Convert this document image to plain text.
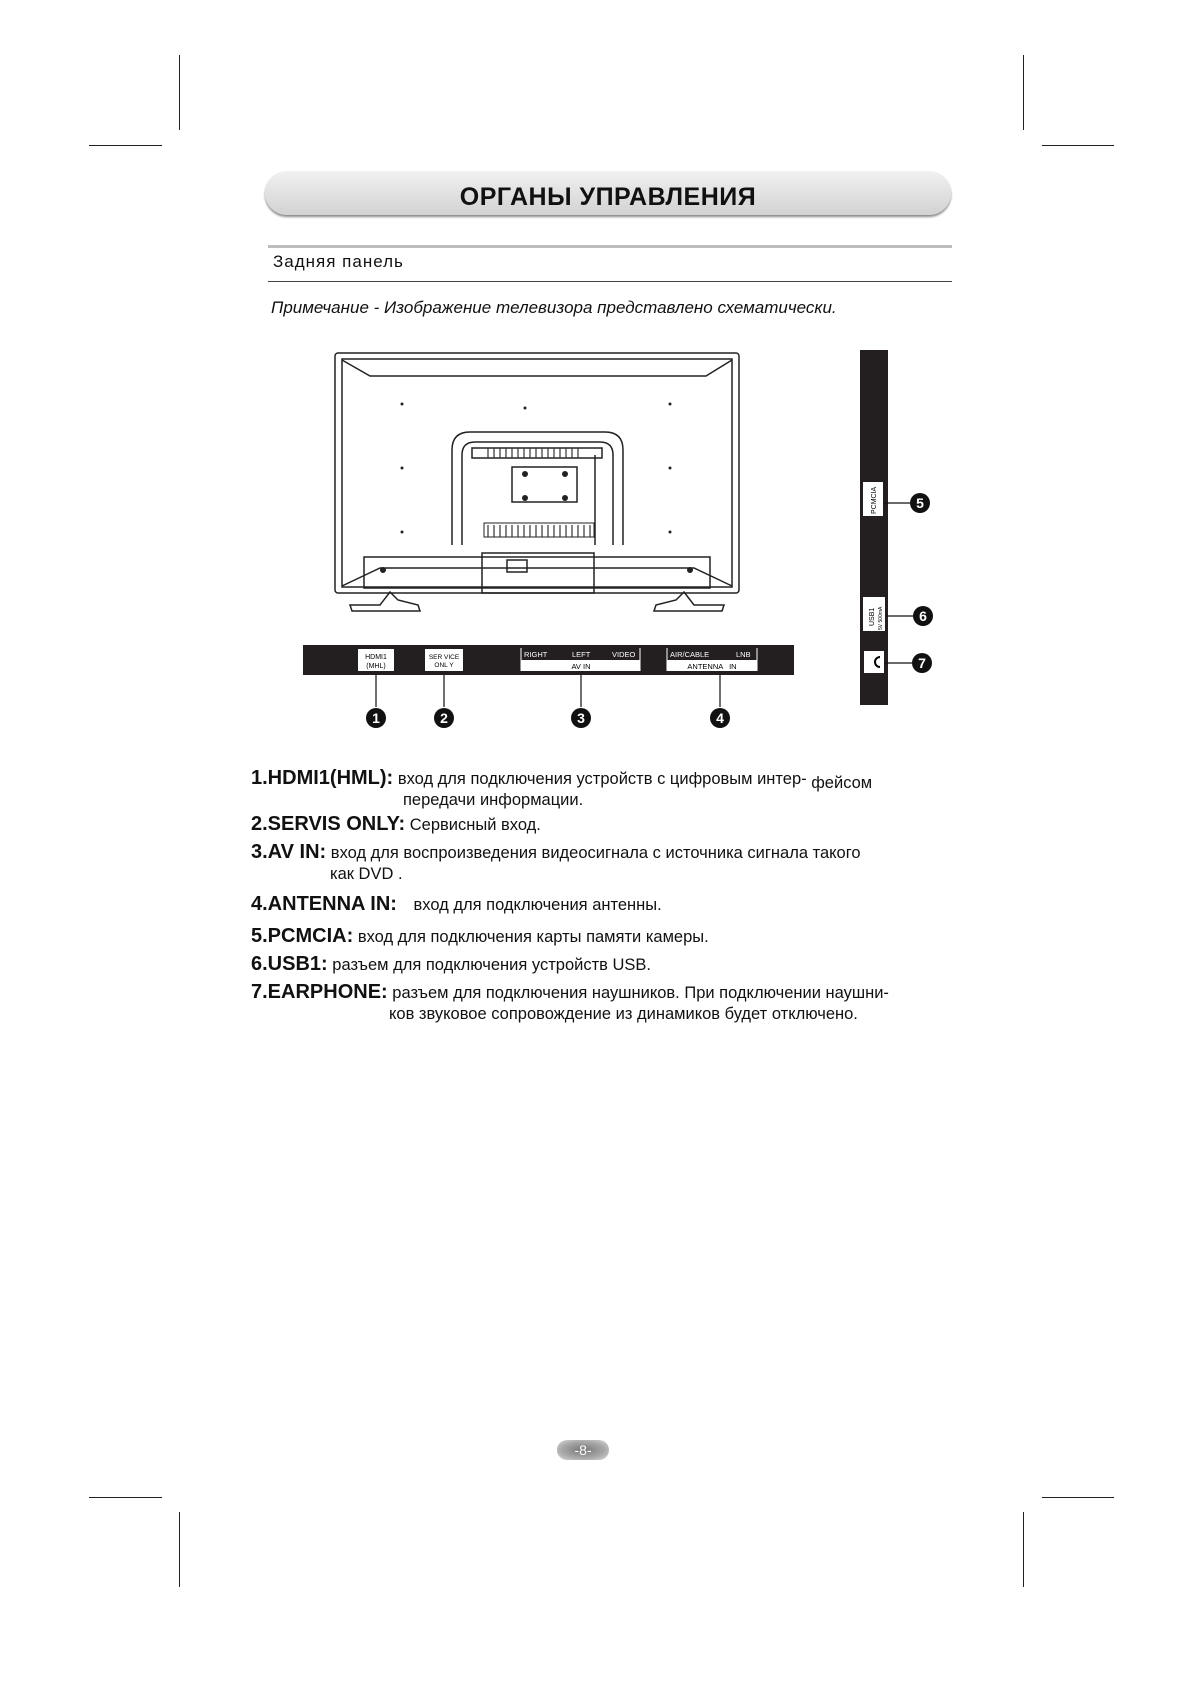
ОРГАНЫ УПРАВЛЕНИЯ
Задняя панель
Примечание - Изображение телевизора представлено схематически.
HDMI1
(MHL)
SER VICE
ONL Y
RIGHT	LEFT	VIDEO
AV IN
AIR/CABLE	LNB
ANTENNA   IN
1	2	3	4
PCMCIA
USB1 5V 500mA
5
6
7
1.HDMI1(HML): вход для подключения устройств с цифровым интер- фейсом
передачи информации.
2.SERVIS ONLY: Сервисный вход.
3.AV IN: вход для воспроизведения видеосигнала с источника сигнала такого
как DVD .
4.ANTENNA IN: вход для подключения антенны.
5.PCMCIA: вход для подключения карты памяти камеры.
6.USB1: разъем для подключения устройств USB.
7.EARPHONE: разъем для подключения наушников. При подключении наушни-
ков звуковое сопровождение из динамиков будет отключено.
-8-
